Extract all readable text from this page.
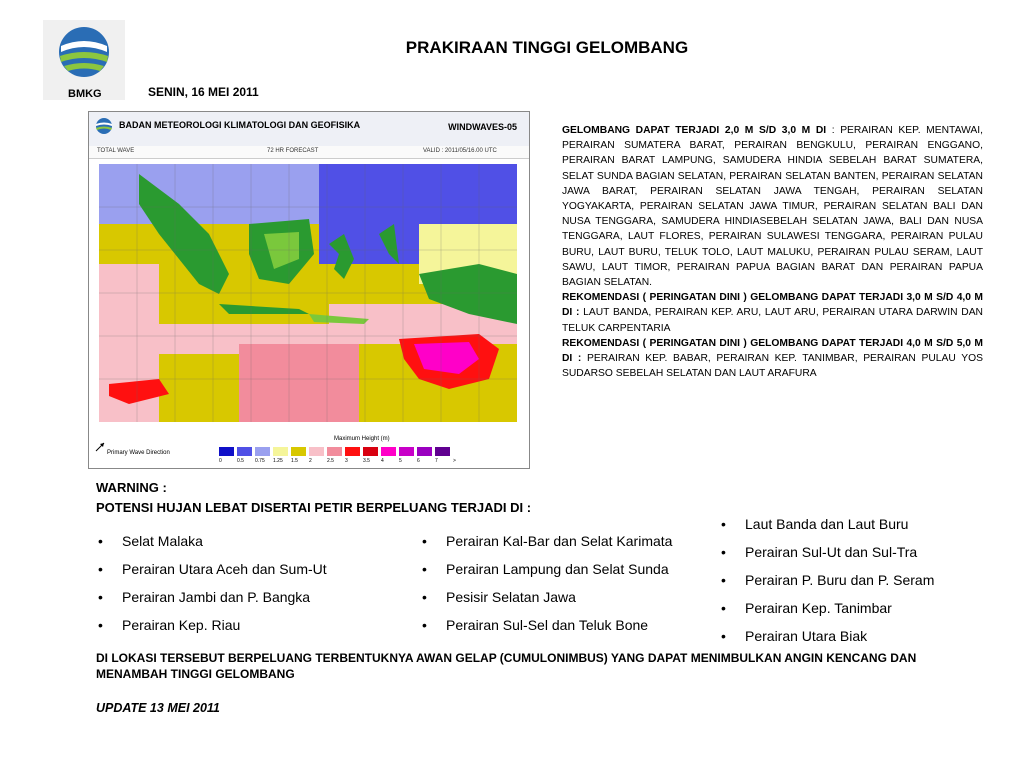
BMKG
PRAKIRAAN TINGGI GELOMBANG
SENIN, 16 MEI 2011
BADAN METEOROLOGI KLIMATOLOGI DAN GEOFISIKA	WINDWAVES-05
TOTAL WAVE	72 HR FORECAST	VALID : 2011/05/16.00 UTC
Primary Wave Direction
Maximum Height (m)
0	0.5 0.75 1.25 1.5 2	2.5 3	3.5 4	5	6	7	>
GELOMBANG DAPAT TERJADI 2,0 M S/D 3,0 M DI : PERAIRAN KEP. MENTAWAI, PERAIRAN SUMATERA BARAT, PERAIRAN BENGKULU, PERAIRAN ENGGANO, PERAIRAN BARAT LAMPUNG, SAMUDERA HINDIA SEBELAH BARAT SUMATERA, SELAT SUNDA BAGIAN SELATAN, PERAIRAN SELATAN BANTEN, PERAIRAN SELATAN JAWA BARAT, PERAIRAN SELATAN JAWA TENGAH, PERAIRAN SELATAN YOGYAKARTA, PERAIRAN SELATAN JAWA TIMUR, PERAIRAN SELATAN BALI DAN NUSA TENGGARA, SAMUDERA HINDIASEBELAH SELATAN JAWA, BALI DAN NUSA TENGGARA, LAUT FLORES, PERAIRAN SULAWESI TENGGARA, PERAIRAN PULAU BURU, LAUT BURU, TELUK TOLO, LAUT MALUKU, PERAIRAN PULAU SERAM, LAUT SAWU, LAUT TIMOR, PERAIRAN PAPUA BAGIAN BARAT DAN PERAIRAN PAPUA BAGIAN SELATAN.
REKOMENDASI ( PERINGATAN DINI ) GELOMBANG DAPAT TERJADI 3,0 M S/D 4,0 M DI : LAUT BANDA, PERAIRAN KEP. ARU, LAUT ARU, PERAIRAN UTARA DARWIN DAN TELUK CARPENTARIA
REKOMENDASI ( PERINGATAN DINI ) GELOMBANG DAPAT TERJADI 4,0 M S/D 5,0 M DI : PERAIRAN KEP. BABAR, PERAIRAN KEP. TANIMBAR, PERAIRAN PULAU YOS SUDARSO SEBELAH SELATAN DAN LAUT ARAFURA
WARNING :
POTENSI HUJAN LEBAT DISERTAI PETIR BERPELUANG TERJADI DI :
• Selat Malaka
• Perairan Utara Aceh dan Sum-Ut
• Perairan Jambi dan P. Bangka
• Perairan Kep. Riau
• Perairan Kal-Bar dan Selat Karimata
• Perairan Lampung dan Selat Sunda
• Pesisir Selatan Jawa
• Perairan Sul-Sel dan Teluk Bone
• Laut Banda dan Laut Buru
• Perairan Sul-Ut dan Sul-Tra
• Perairan P. Buru dan P. Seram
• Perairan Kep. Tanimbar
• Perairan Utara Biak
DI LOKASI TERSEBUT BERPELUANG TERBENTUKNYA AWAN GELAP (CUMULONIMBUS) YANG DAPAT MENIMBULKAN ANGIN KENCANG DAN MENAMBAH TINGGI GELOMBANG
UPDATE 13 MEI 2011
